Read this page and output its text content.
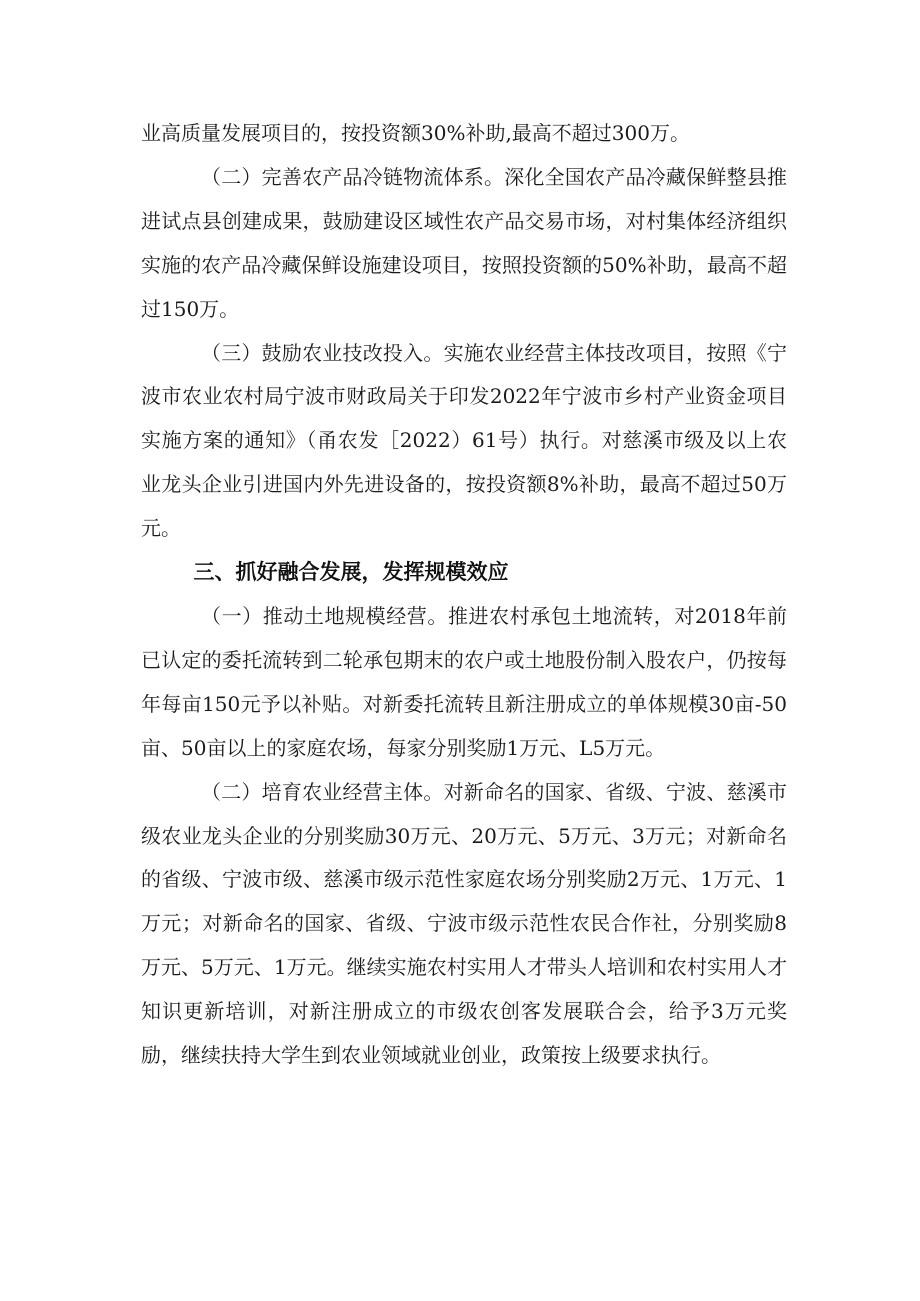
业高质量发展项目的，按投资额30%补助,最高不超过300万。

（二）完善农产品冷链物流体系。深化全国农产品冷藏保鲜整县推进试点县创建成果，鼓励建设区域性农产品交易市场，对村集体经济组织实施的农产品冷藏保鲜设施建设项目，按照投资额的50%补助，最高不超过150万。

（三）鼓励农业技改投入。实施农业经营主体技改项目，按照《宁波市农业农村局宁波市财政局关于印发2022年宁波市乡村产业资金项目实施方案的通知》（甬农发［2022）61号）执行。对慈溪市级及以上农业龙头企业引进国内外先进设备的，按投资额8%补助，最高不超过50万元。

三、抓好融合发展，发挥规模效应

（一）推动土地规模经营。推进农村承包土地流转，对2018年前已认定的委托流转到二轮承包期末的农户或土地股份制入股农户，仍按每年每亩150元予以补贴。对新委托流转且新注册成立的单体规模30亩-50亩、50亩以上的家庭农场，每家分别奖励1万元、L5万元。

（二）培育农业经营主体。对新命名的国家、省级、宁波、慈溪市级农业龙头企业的分别奖励30万元、20万元、5万元、3万元；对新命名的省级、宁波市级、慈溪市级示范性家庭农场分别奖励2万元、1万元、1万元；对新命名的国家、省级、宁波市级示范性农民合作社，分别奖励8万元、5万元、1万元。继续实施农村实用人才带头人培训和农村实用人才知识更新培训，对新注册成立的市级农创客发展联合会，给予3万元奖励，继续扶持大学生到农业领域就业创业，政策按上级要求执行。
